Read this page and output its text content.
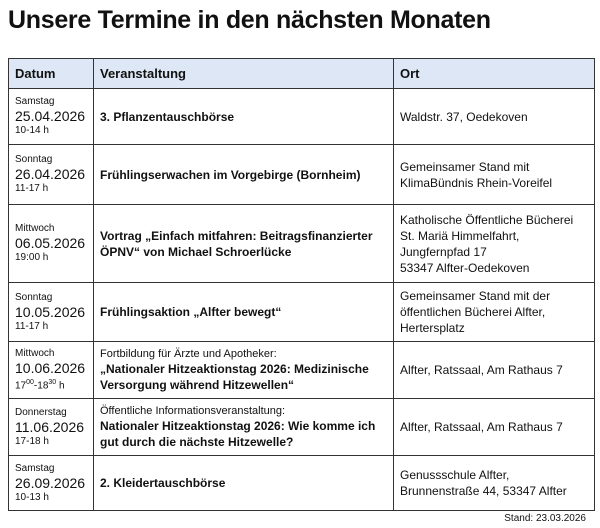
Unsere Termine in den nächsten Monaten
Datum	Veranstaltung	Ort

Samstag
25.04.2026
10-14 h	3. Pflanzentauschbörse	Waldstr. 37, Oedekoven

Sonntag
26.04.2026
11-17 h	Frühlingserwachen im Vorgebirge (Bornheim)	Gemeinsamer Stand mit
KlimaBündnis Rhein-Voreifel

Mittwoch
06.05.2026
19:00 h	Vortrag „Einfach mitfahren: Beitragsfinanzierter ÖPNV“ von Michael Schroerlücke	Katholische Öffentliche Bücherei
St. Mariä Himmelfahrt,
Jungfernpfad 17
53347 Alfter-Oedekoven

Sonntag
10.05.2026
11-17 h	Frühlingsaktion „Alfter bewegt“	Gemeinsamer Stand mit der
öffentlichen Bücherei Alfter,
Hertersplatz

Mittwoch
10.06.2026
$17^{00}-18^{30}$ h	Fortbildung für Ärzte und Apotheker:
„Nationaler Hitzeaktionstag 2026: Medizinische Versorgung während Hitzewellen“	Alfter, Ratssaal, Am Rathaus 7

Donnerstag
11.06.2026
17-18 h	Öffentliche Informationsveranstaltung:
Nationaler Hitzeaktionstag 2026: Wie komme ich gut durch die nächste Hitzewelle?	Alfter, Ratssaal, Am Rathaus 7

Samstag
26.09.2026
10-13 h	2. Kleidertauschbörse	Genussschule Alfter,
Brunnenstraße 44, 53347 Alfter
Stand: 23.03.2026
